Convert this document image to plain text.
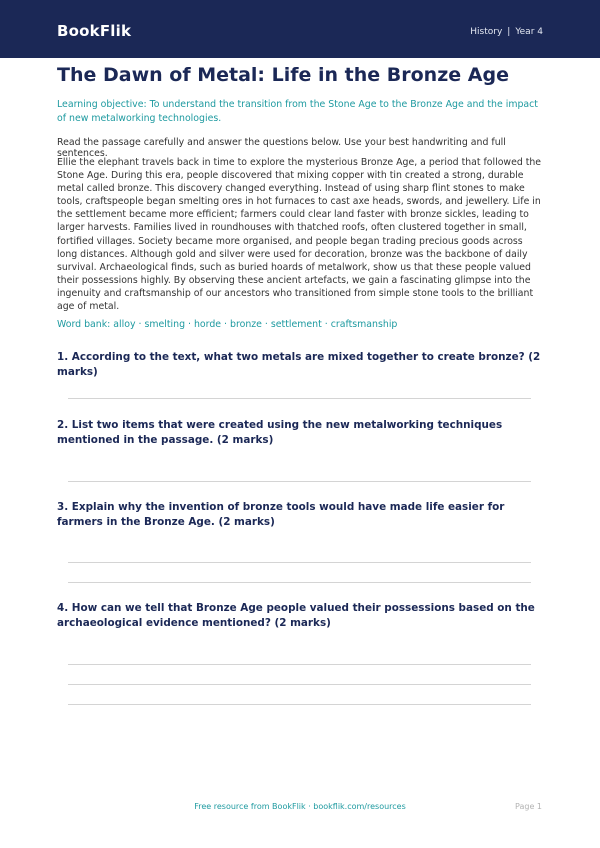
BookFlik	History | Year 4
The Dawn of Metal: Life in the Bronze Age

Learning objective: To understand the transition from the Stone Age to the Bronze Age and the impact of new metalworking technologies.

Read the passage carefully and answer the questions below. Use your best handwriting and full sentences.

Ellie the elephant travels back in time to explore the mysterious Bronze Age, a period that followed the Stone Age. During this era, people discovered that mixing copper with tin created a strong, durable metal called bronze. This discovery changed everything. Instead of using sharp flint stones to make tools, craftspeople began smelting ores in hot furnaces to cast axe heads, swords, and jewellery. Life in the settlement became more efficient; farmers could clear land faster with bronze sickles, leading to larger harvests. Families lived in roundhouses with thatched roofs, often clustered together in small, fortified villages. Society became more organised, and people began trading precious goods across long distances. Although gold and silver were used for decoration, bronze was the backbone of daily survival. Archaeological finds, such as buried hoards of metalwork, show us that these people valued their possessions highly. By observing these ancient artefacts, we gain a fascinating glimpse into the ingenuity and craftsmanship of our ancestors who transitioned from simple stone tools to the brilliant age of metal.

Word bank: alloy · smelting · horde · bronze · settlement · craftsmanship

1. According to the text, what two metals are mixed together to create bronze? (2 marks)

2. List two items that were created using the new metalworking techniques mentioned in the passage. (2 marks)

3. Explain why the invention of bronze tools would have made life easier for farmers in the Bronze Age. (2 marks)

4. How can we tell that Bronze Age people valued their possessions based on the archaeological evidence mentioned? (2 marks)

Free resource from BookFlik · bookflik.com/resources	Page 1
